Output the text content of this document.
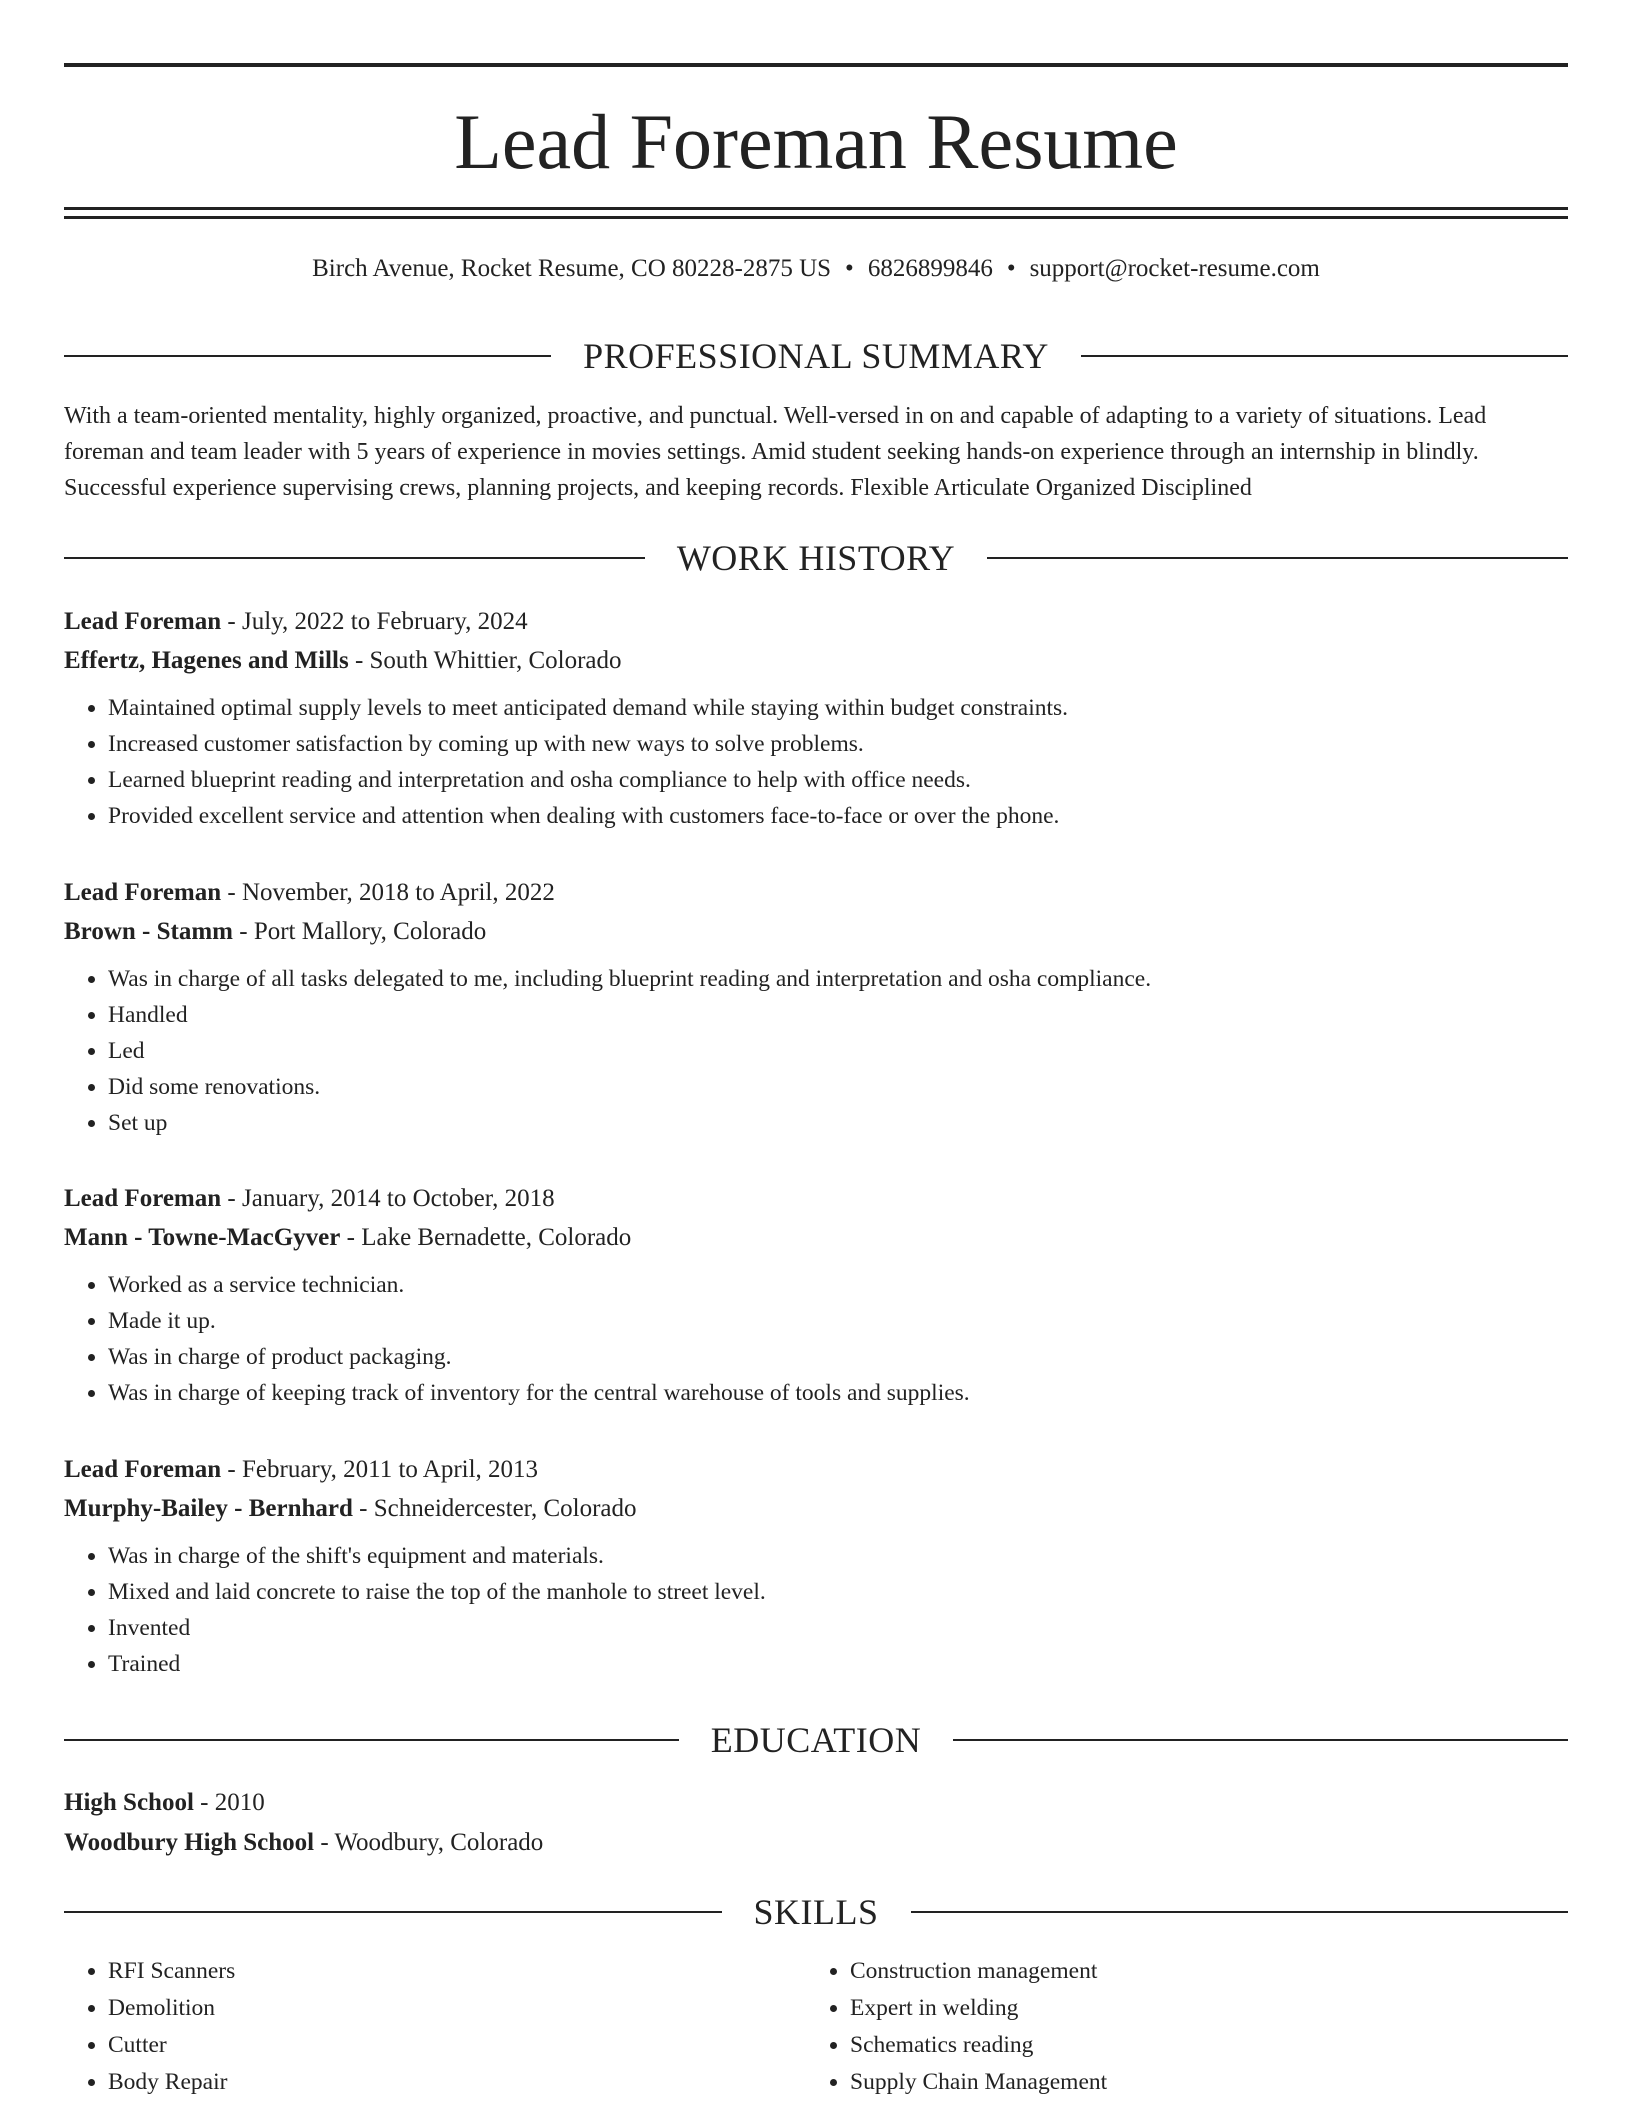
Lead Foreman Resume
Birch Avenue, Rocket Resume, CO 80228-2875 US • 6826899846 • support@rocket-resume.com
PROFESSIONAL SUMMARY

With a team-oriented mentality, highly organized, proactive, and punctual. Well-versed in on and capable of adapting to a variety of situations. Lead foreman and team leader with 5 years of experience in movies settings. Amid student seeking hands-on experience through an internship in blindly. Successful experience supervising crews, planning projects, and keeping records. Flexible Articulate Organized Disciplined

WORK HISTORY
Lead Foreman - July, 2022 to February, 2024
Effertz, Hagenes and Mills - South Whittier, Colorado
• Maintained optimal supply levels to meet anticipated demand while staying within budget constraints.
• Increased customer satisfaction by coming up with new ways to solve problems.
• Learned blueprint reading and interpretation and osha compliance to help with office needs.
• Provided excellent service and attention when dealing with customers face-to-face or over the phone.
Lead Foreman - November, 2018 to April, 2022
Brown - Stamm - Port Mallory, Colorado
• Was in charge of all tasks delegated to me, including blueprint reading and interpretation and osha compliance.
• Handled
• Led
• Did some renovations.
• Set up
Lead Foreman - January, 2014 to October, 2018
Mann - Towne-MacGyver - Lake Bernadette, Colorado
• Worked as a service technician.
• Made it up.
• Was in charge of product packaging.
• Was in charge of keeping track of inventory for the central warehouse of tools and supplies.
Lead Foreman - February, 2011 to April, 2013
Murphy-Bailey - Bernhard - Schneidercester, Colorado
• Was in charge of the shift's equipment and materials.
• Mixed and laid concrete to raise the top of the manhole to street level.
• Invented
• Trained
EDUCATION
High School - 2010
Woodbury High School - Woodbury, Colorado
SKILLS
• RFI Scanners
• Demolition
• Cutter
• Body Repair
• Construction management
• Expert in welding
• Schematics reading
• Supply Chain Management
